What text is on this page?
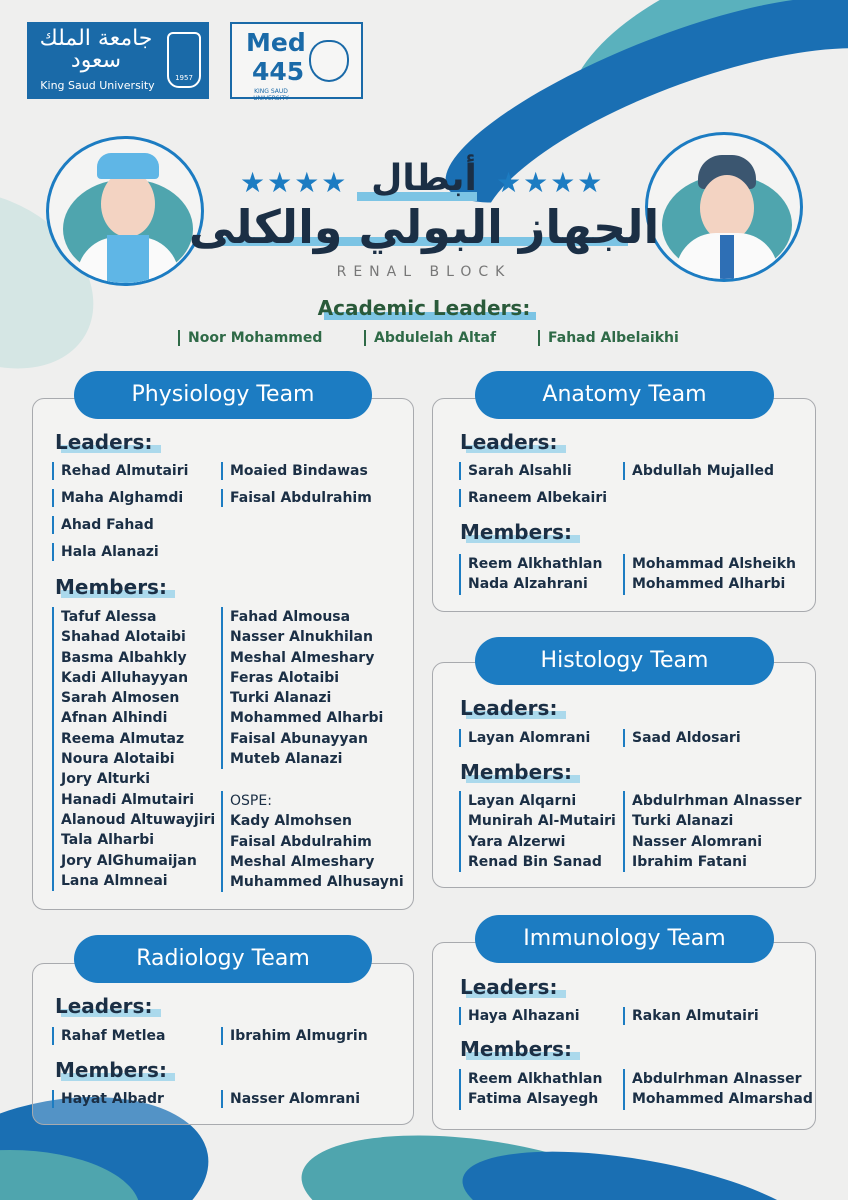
جامعة الملك سعود
King Saud University
1957
Med
445
KING SAUD UNIVERSITY
★★★★	★★★★
أبطال
الجهاز البولي والكلى
RENAL BLOCK
Academic Leaders:
Noor Mohammed	Abdulelah Altaf	Fahad Albelaikhi
Physiology Team
Leaders:
Rehad Almutairi
Maha Alghamdi
Ahad Fahad
Hala Alanazi
Moaied Bindawas
Faisal Abdulrahim
Members:
Tafuf Alessa
Shahad Alotaibi
Basma Albahkly
Kadi Alluhayyan
Sarah Almosen
Afnan Alhindi
Reema Almutaz
Noura Alotaibi
Jory Alturki
Hanadi Almutairi
Alanoud Altuwayjiri
Tala Alharbi
Jory AlGhumaijan
Lana Almneai
Fahad Almousa
Nasser Alnukhilan
Meshal Almeshary
Feras Alotaibi
Turki Alanazi
Mohammed Alharbi
Faisal Abunayyan
Muteb Alanazi
OSPE:
Kady Almohsen
Faisal Abdulrahim
Meshal Almeshary
Muhammed Alhusayni
Anatomy Team
Leaders:
Sarah Alsahli
Raneem Albekairi
Abdullah Mujalled
Members:
Reem Alkhathlan
Nada Alzahrani
Mohammad Alsheikh
Mohammed Alharbi
Histology Team
Leaders:
Layan Alomrani	Saad Aldosari
Members:
Layan Alqarni
Munirah Al-Mutairi
Yara Alzerwi
Renad Bin Sanad
Abdulrhman Alnasser
Turki Alanazi
Nasser Alomrani
Ibrahim Fatani
Radiology Team
Leaders:
Rahaf Metlea	Ibrahim Almugrin
Members:
Hayat Albadr	Nasser Alomrani
Immunology Team
Leaders:
Haya Alhazani	Rakan Almutairi
Members:
Reem Alkhathlan
Fatima Alsayegh
Abdulrhman Alnasser
Mohammed Almarshad
